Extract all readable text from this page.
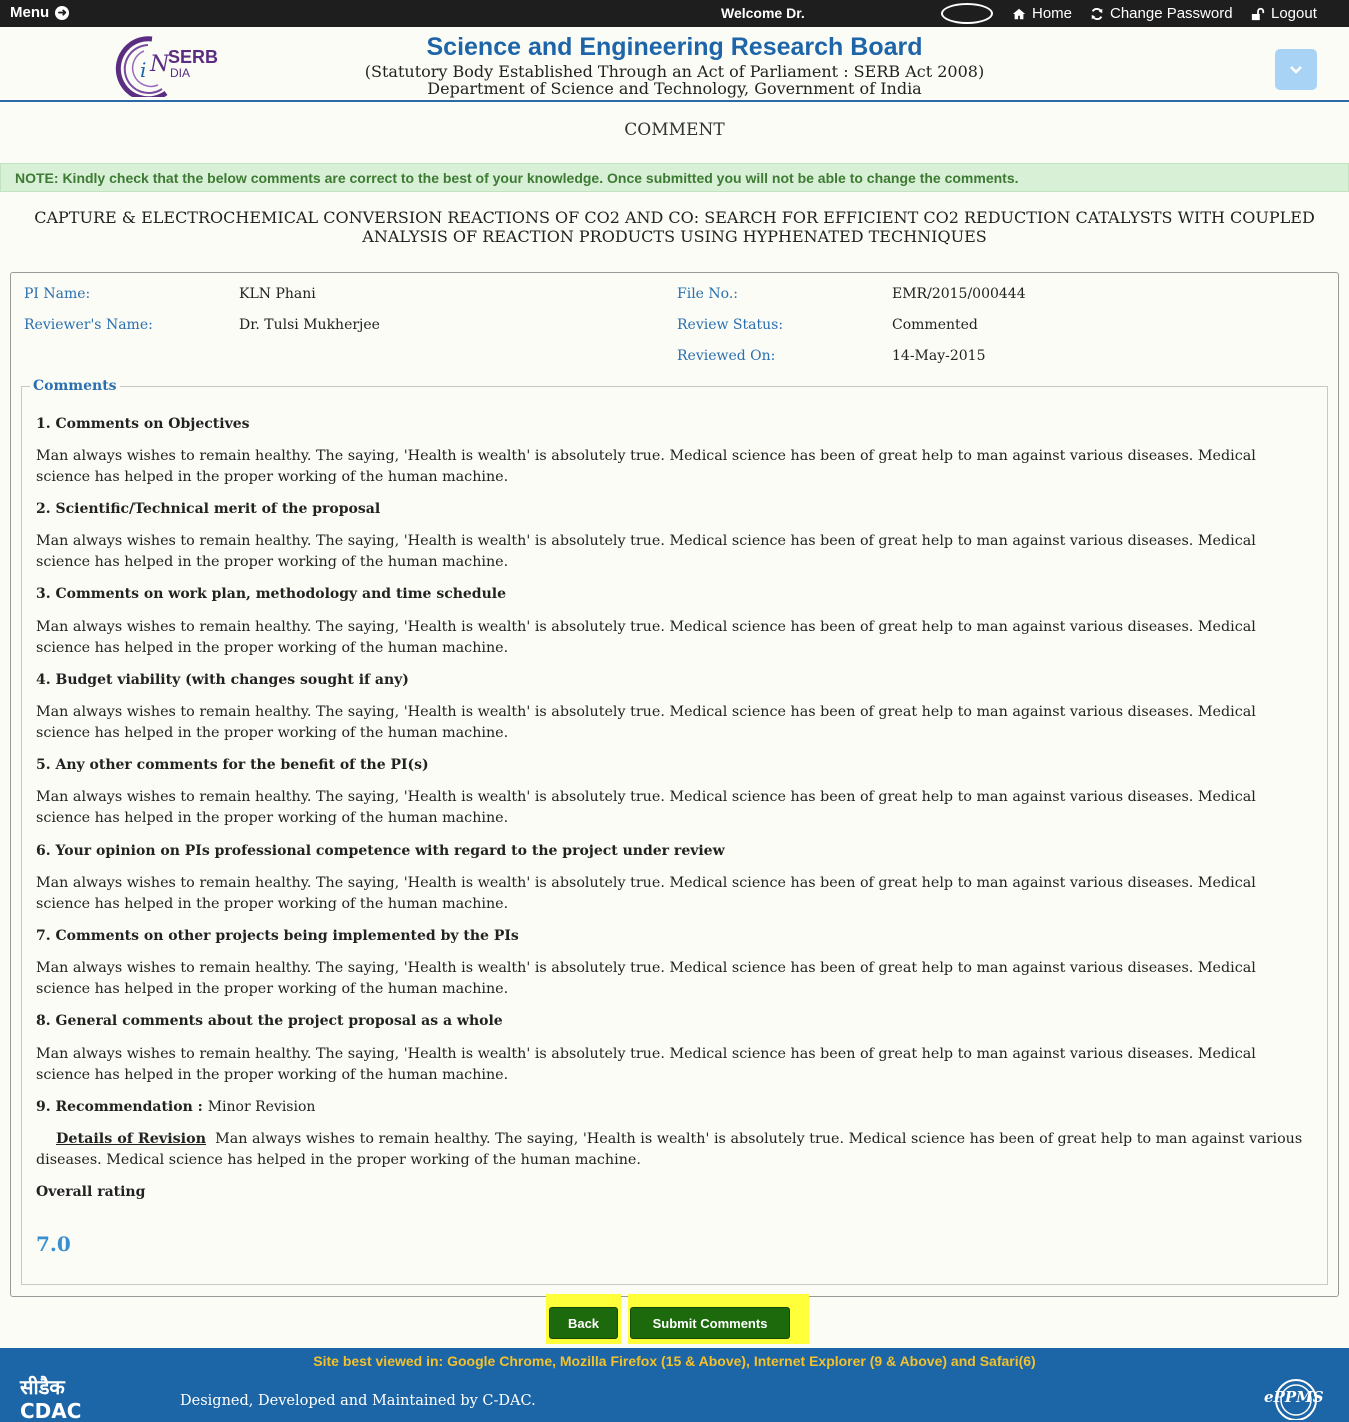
Menu ➜	Welcome Dr.	Home	Change Password	Logout
i N
SERB
DIA
Science and Engineering Research Board
(Statutory Body Established Through an Act of Parliament : SERB Act 2008)
Department of Science and Technology, Government of India
COMMENT
NOTE: Kindly check that the below comments are correct to the best of your knowledge. Once submitted you will not be able to change the comments.
CAPTURE & ELECTROCHEMICAL CONVERSION REACTIONS OF CO2 AND CO: SEARCH FOR EFFICIENT CO2 REDUCTION CATALYSTS WITH COUPLED ANALYSIS OF REACTION PRODUCTS USING HYPHENATED TECHNIQUES
PI Name:	KLN Phani
Reviewer's Name:	Dr. Tulsi Mukherjee
File No.:	EMR/2015/000444
Review Status:	Commented
Reviewed On:	14-May-2015
Comments
1. Comments on Objectives
Man always wishes to remain healthy. The saying, 'Health is wealth' is absolutely true. Medical science has been of great help to man against various diseases. Medical science has helped in the proper working of the human machine.
2. Scientific/Technical merit of the proposal
Man always wishes to remain healthy. The saying, 'Health is wealth' is absolutely true. Medical science has been of great help to man against various diseases. Medical science has helped in the proper working of the human machine.
3. Comments on work plan, methodology and time schedule
Man always wishes to remain healthy. The saying, 'Health is wealth' is absolutely true. Medical science has been of great help to man against various diseases. Medical science has helped in the proper working of the human machine.
4. Budget viability (with changes sought if any)
Man always wishes to remain healthy. The saying, 'Health is wealth' is absolutely true. Medical science has been of great help to man against various diseases. Medical science has helped in the proper working of the human machine.
5. Any other comments for the benefit of the PI(s)
Man always wishes to remain healthy. The saying, 'Health is wealth' is absolutely true. Medical science has been of great help to man against various diseases. Medical science has helped in the proper working of the human machine.
6. Your opinion on PIs professional competence with regard to the project under review
Man always wishes to remain healthy. The saying, 'Health is wealth' is absolutely true. Medical science has been of great help to man against various diseases. Medical science has helped in the proper working of the human machine.
7. Comments on other projects being implemented by the PIs
Man always wishes to remain healthy. The saying, 'Health is wealth' is absolutely true. Medical science has been of great help to man against various diseases. Medical science has helped in the proper working of the human machine.
8. General comments about the project proposal as a whole
Man always wishes to remain healthy. The saying, 'Health is wealth' is absolutely true. Medical science has been of great help to man against various diseases. Medical science has helped in the proper working of the human machine.
9. Recommendation : Minor Revision
Details of Revision Man always wishes to remain healthy. The saying, 'Health is wealth' is absolutely true. Medical science has been of great help to man against various diseases. Medical science has helped in the proper working of the human machine.
Overall rating
7.0
Back	Submit Comments
Site best viewed in: Google Chrome, Mozilla Firefox (15 & Above), Internet Explorer (9 & Above) and Safari(6)
सीडैक
CDAC	Designed, Developed and Maintained by C-DAC.	ePPMS
